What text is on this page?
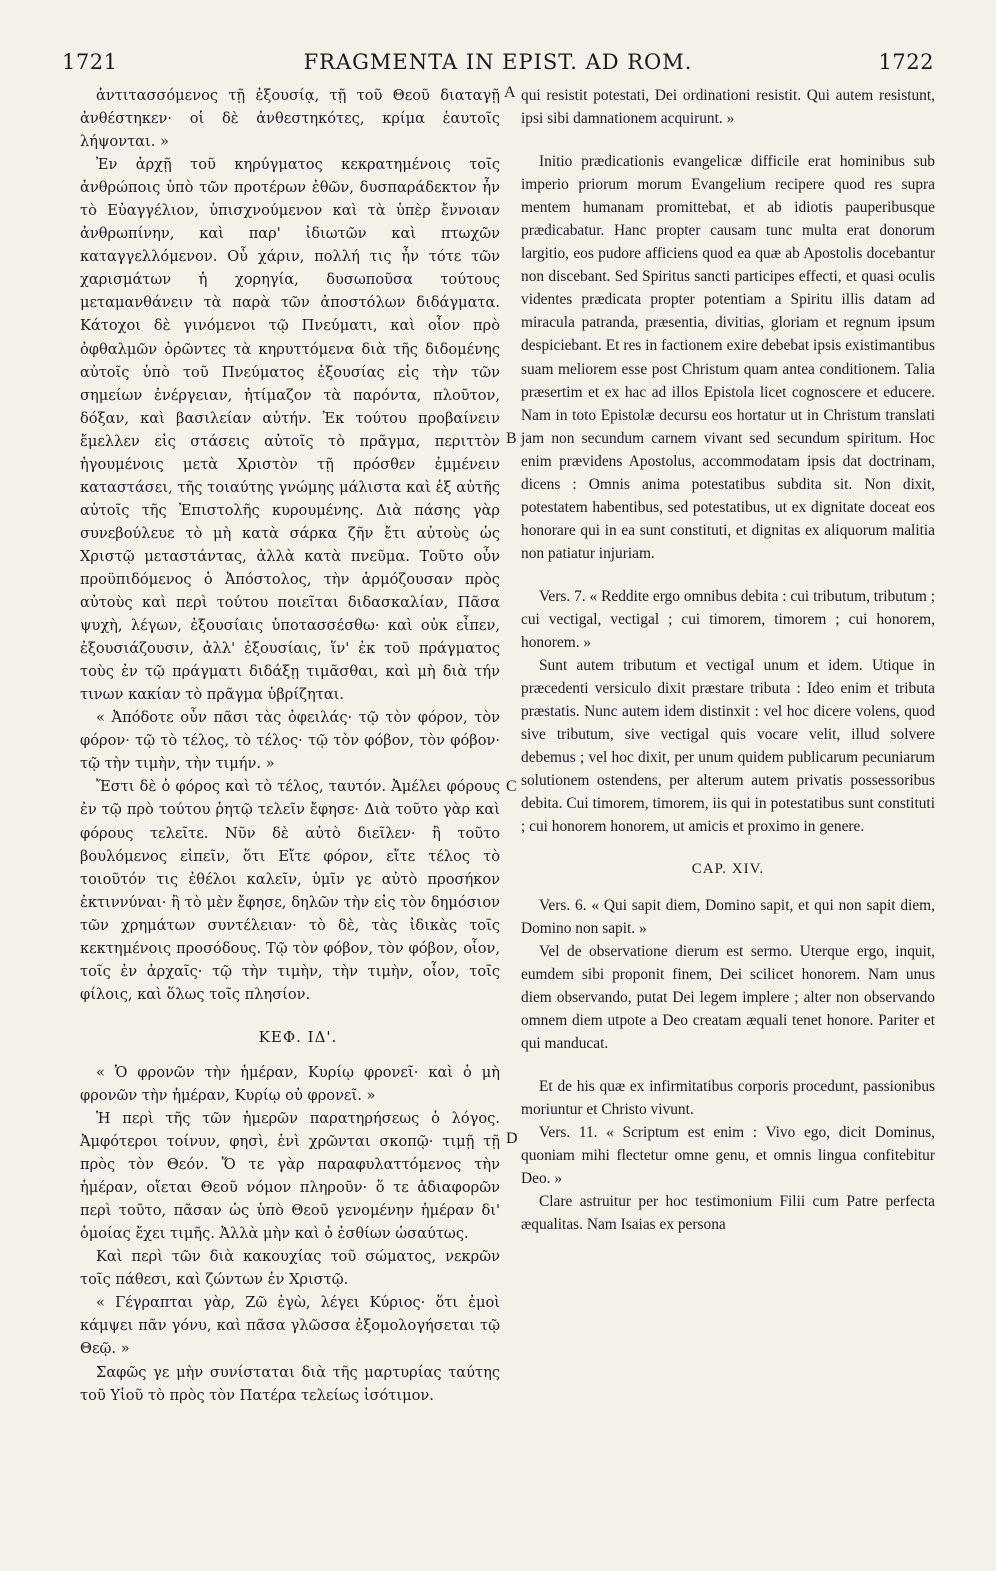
1721	FRAGMENTA IN EPIST. AD ROM.	1722

ἀντιτασσόμενος τῇ ἐξουσίᾳ, τῇ τοῦ Θεοῦ διαταγῇ ἀνθέστηκεν· οἱ δὲ ἀνθεστηκότες, κρίμα ἑαυτοῖς λήψονται. »

Ἐν ἀρχῇ τοῦ κηρύγματος κεκρατημένοις τοῖς ἀνθρώποις ὑπὸ τῶν προτέρων ἐθῶν, δυσπαράδεκτον ἦν τὸ Εὐαγγέλιον, ὑπισχνούμενον καὶ τὰ ὑπὲρ ἔννοιαν ἀνθρωπίνην, καὶ παρ' ἰδιωτῶν καὶ πτωχῶν καταγγελλόμενον. Οὗ χάριν, πολλή τις ἦν τότε τῶν χαρισμάτων ἡ χορηγία, δυσωποῦσα τούτους μεταμανθάνειν τὰ παρὰ τῶν ἀποστόλων διδάγματα. Κάτοχοι δὲ γινόμενοι τῷ Πνεύματι, καὶ οἷον πρὸ ὀφθαλμῶν ὁρῶντες τὰ κηρυττόμενα διὰ τῆς διδομένης αὐτοῖς ὑπὸ τοῦ Πνεύματος ἐξουσίας εἰς τὴν τῶν σημείων ἐνέργειαν, ἠτίμαζον τὰ παρόντα, πλοῦτον, δόξαν, καὶ βασιλείαν αὐτήν. Ἐκ τούτου προβαίνειν ἔμελλεν εἰς στάσεις αὐτοῖς τὸ πρᾶγμα, περιττὸν ἡγουμένοις μετὰ Χριστὸν τῇ πρόσθεν ἐμμένειν καταστάσει, τῆς τοιαύτης γνώμης μάλιστα καὶ ἐξ αὐτῆς αὐτοῖς τῆς Ἐπιστολῆς κυρουμένης. Διὰ πάσης γὰρ συνεβούλευε τὸ μὴ κατὰ σάρκα ζῆν ἔτι αὐτοὺς ὡς Χριστῷ μεταστάντας, ἀλλὰ κατὰ πνεῦμα. Τοῦτο οὖν προϋπιδόμενος ὁ Ἀπόστολος, τὴν ἁρμόζουσαν πρὸς αὐτοὺς καὶ περὶ τούτου ποιεῖται διδασκαλίαν, Πᾶσα ψυχὴ, λέγων, ἐξουσίαις ὑποτασσέσθω· καὶ οὐκ εἶπεν, ἐξουσιάζουσιν, ἀλλ' ἐξουσίαις, ἵν' ἐκ τοῦ πράγματος τοὺς ἐν τῷ πράγματι διδάξῃ τιμᾶσθαι, καὶ μὴ διὰ τήν τινων κακίαν τὸ πρᾶγμα ὑβρίζηται.

« Ἀπόδοτε οὖν πᾶσι τὰς ὀφειλάς· τῷ τὸν φόρον, τὸν φόρον· τῷ τὸ τέλος, τὸ τέλος· τῷ τὸν φόβον, τὸν φόβον· τῷ τὴν τιμὴν, τὴν τιμήν. »

Ἔστι δὲ ὁ φόρος καὶ τὸ τέλος, ταυτόν. Ἀμέλει φόρους ἐν τῷ πρὸ τούτου ῥητῷ τελεῖν ἔφησε· Διὰ τοῦτο γὰρ καὶ φόρους τελεῖτε. Νῦν δὲ αὐτὸ διεῖλεν· ἢ τοῦτο βουλόμενος εἰπεῖν, ὅτι Εἴτε φόρον, εἴτε τέλος τὸ τοιοῦτόν τις ἐθέλοι καλεῖν, ὑμῖν γε αὐτὸ προσήκον ἐκτιννύναι· ἢ τὸ μὲν ἔφησε, δηλῶν τὴν εἰς τὸν δημόσιον τῶν χρημάτων συντέλειαν· τὸ δὲ, τὰς ἰδικὰς τοῖς κεκτημένοις προσόδους. Τῷ τὸν φόβον, τὸν φόβον, οἷον, τοῖς ἐν ἀρχαῖς· τῷ τὴν τιμὴν, τὴν τιμὴν, οἷον, τοῖς φίλοις, καὶ ὅλως τοῖς πλησίον.

ΚΕΦ. ΙΔ'.

« Ὁ φρονῶν τὴν ἡμέραν, Κυρίῳ φρονεῖ· καὶ ὁ μὴ φρονῶν τὴν ἡμέραν, Κυρίῳ οὐ φρονεῖ. »

Ἡ περὶ τῆς τῶν ἡμερῶν παρατηρήσεως ὁ λόγος. Ἀμφότεροι τοίνυν, φησὶ, ἑνὶ χρῶνται σκοπῷ· τιμῇ τῇ πρὸς τὸν Θεόν. Ὅ τε γὰρ παραφυλαττόμενος τὴν ἡμέραν, οἴεται Θεοῦ νόμον πληροῦν· ὅ τε ἀδιαφορῶν περὶ τοῦτο, πᾶσαν ὡς ὑπὸ Θεοῦ γενομένην ἡμέραν δι' ὁμοίας ἔχει τιμῆς. Ἀλλὰ μὴν καὶ ὁ ἐσθίων ὡσαύτως.

Καὶ περὶ τῶν διὰ κακουχίας τοῦ σώματος, νεκρῶν τοῖς πάθεσι, καὶ ζώντων ἐν Χριστῷ.

« Γέγραπται γὰρ, Ζῶ ἐγὼ, λέγει Κύριος· ὅτι ἐμοὶ κάμψει πᾶν γόνυ, καὶ πᾶσα γλῶσσα ἐξομολογήσεται τῷ Θεῷ. »

Σαφῶς γε μὴν συνίσταται διὰ τῆς μαρτυρίας ταύτης τοῦ Υἱοῦ τὸ πρὸς τὸν Πατέρα τελείως ἰσότιμον.

qui resistit potestati, Dei ordinationi resistit. Qui autem resistunt, ipsi sibi damnationem acquirunt. »

Initio prædicationis evangelicæ difficile erat hominibus sub imperio priorum morum Evangelium recipere quod res supra mentem humanam promittebat, et ab idiotis pauperibusque prædicabatur. Hanc propter causam tunc multa erat donorum largitio, eos pudore afficiens quod ea quæ ab Apostolis docebantur non discebant. Sed Spiritus sancti participes effecti, et quasi oculis videntes prædicata propter potentiam a Spiritu illis datam ad miracula patranda, præsentia, divitias, gloriam et regnum ipsum despiciebant. Et res in factionem exire debebat ipsis existimantibus suam meliorem esse post Christum quam antea conditionem. Talia præsertim et ex hac ad illos Epistola licet cognoscere et educere. Nam in toto Epistolæ decursu eos hortatur ut in Christum translati jam non secundum carnem vivant sed secundum spiritum. Hoc enim prævidens Apostolus, accommodatam ipsis dat doctrinam, dicens : Omnis anima potestatibus subdita sit. Non dixit, potestatem habentibus, sed potestatibus, ut ex dignitate doceat eos honorare qui in ea sunt constituti, et dignitas ex aliquorum malitia non patiatur injuriam.

Vers. 7. « Reddite ergo omnibus debita : cui tributum, tributum ; cui vectigal, vectigal ; cui timorem, timorem ; cui honorem, honorem. »

Sunt autem tributum et vectigal unum et idem. Utique in præcedenti versiculo dixit præstare tributa : Ideo enim et tributa præstatis. Nunc autem idem distinxit : vel hoc dicere volens, quod sive tributum, sive vectigal quis vocare velit, illud solvere debemus ; vel hoc dixit, per unum quidem publicarum pecuniarum solutionem ostendens, per alterum autem privatis possessoribus debita. Cui timorem, timorem, iis qui in potestatibus sunt constituti ; cui honorem honorem, ut amicis et proximo in genere.

CAP. XIV.

Vers. 6. « Qui sapit diem, Domino sapit, et qui non sapit diem, Domino non sapit. »

Vel de observatione dierum est sermo. Uterque ergo, inquit, eumdem sibi proponit finem, Dei scilicet honorem. Nam unus diem observando, putat Dei legem implere ; alter non observando omnem diem utpote a Deo creatam æquali tenet honore. Pariter et qui manducat.

Et de his quæ ex infirmitatibus corporis procedunt, passionibus moriuntur et Christo vivunt.

Vers. 11. « Scriptum est enim : Vivo ego, dicit Dominus, quoniam mihi flectetur omne genu, et omnis lingua confitebitur Deo. »

Clare astruitur per hoc testimonium Filii cum Patre perfecta æqualitas. Nam Isaias ex persona

A
B
C
D
